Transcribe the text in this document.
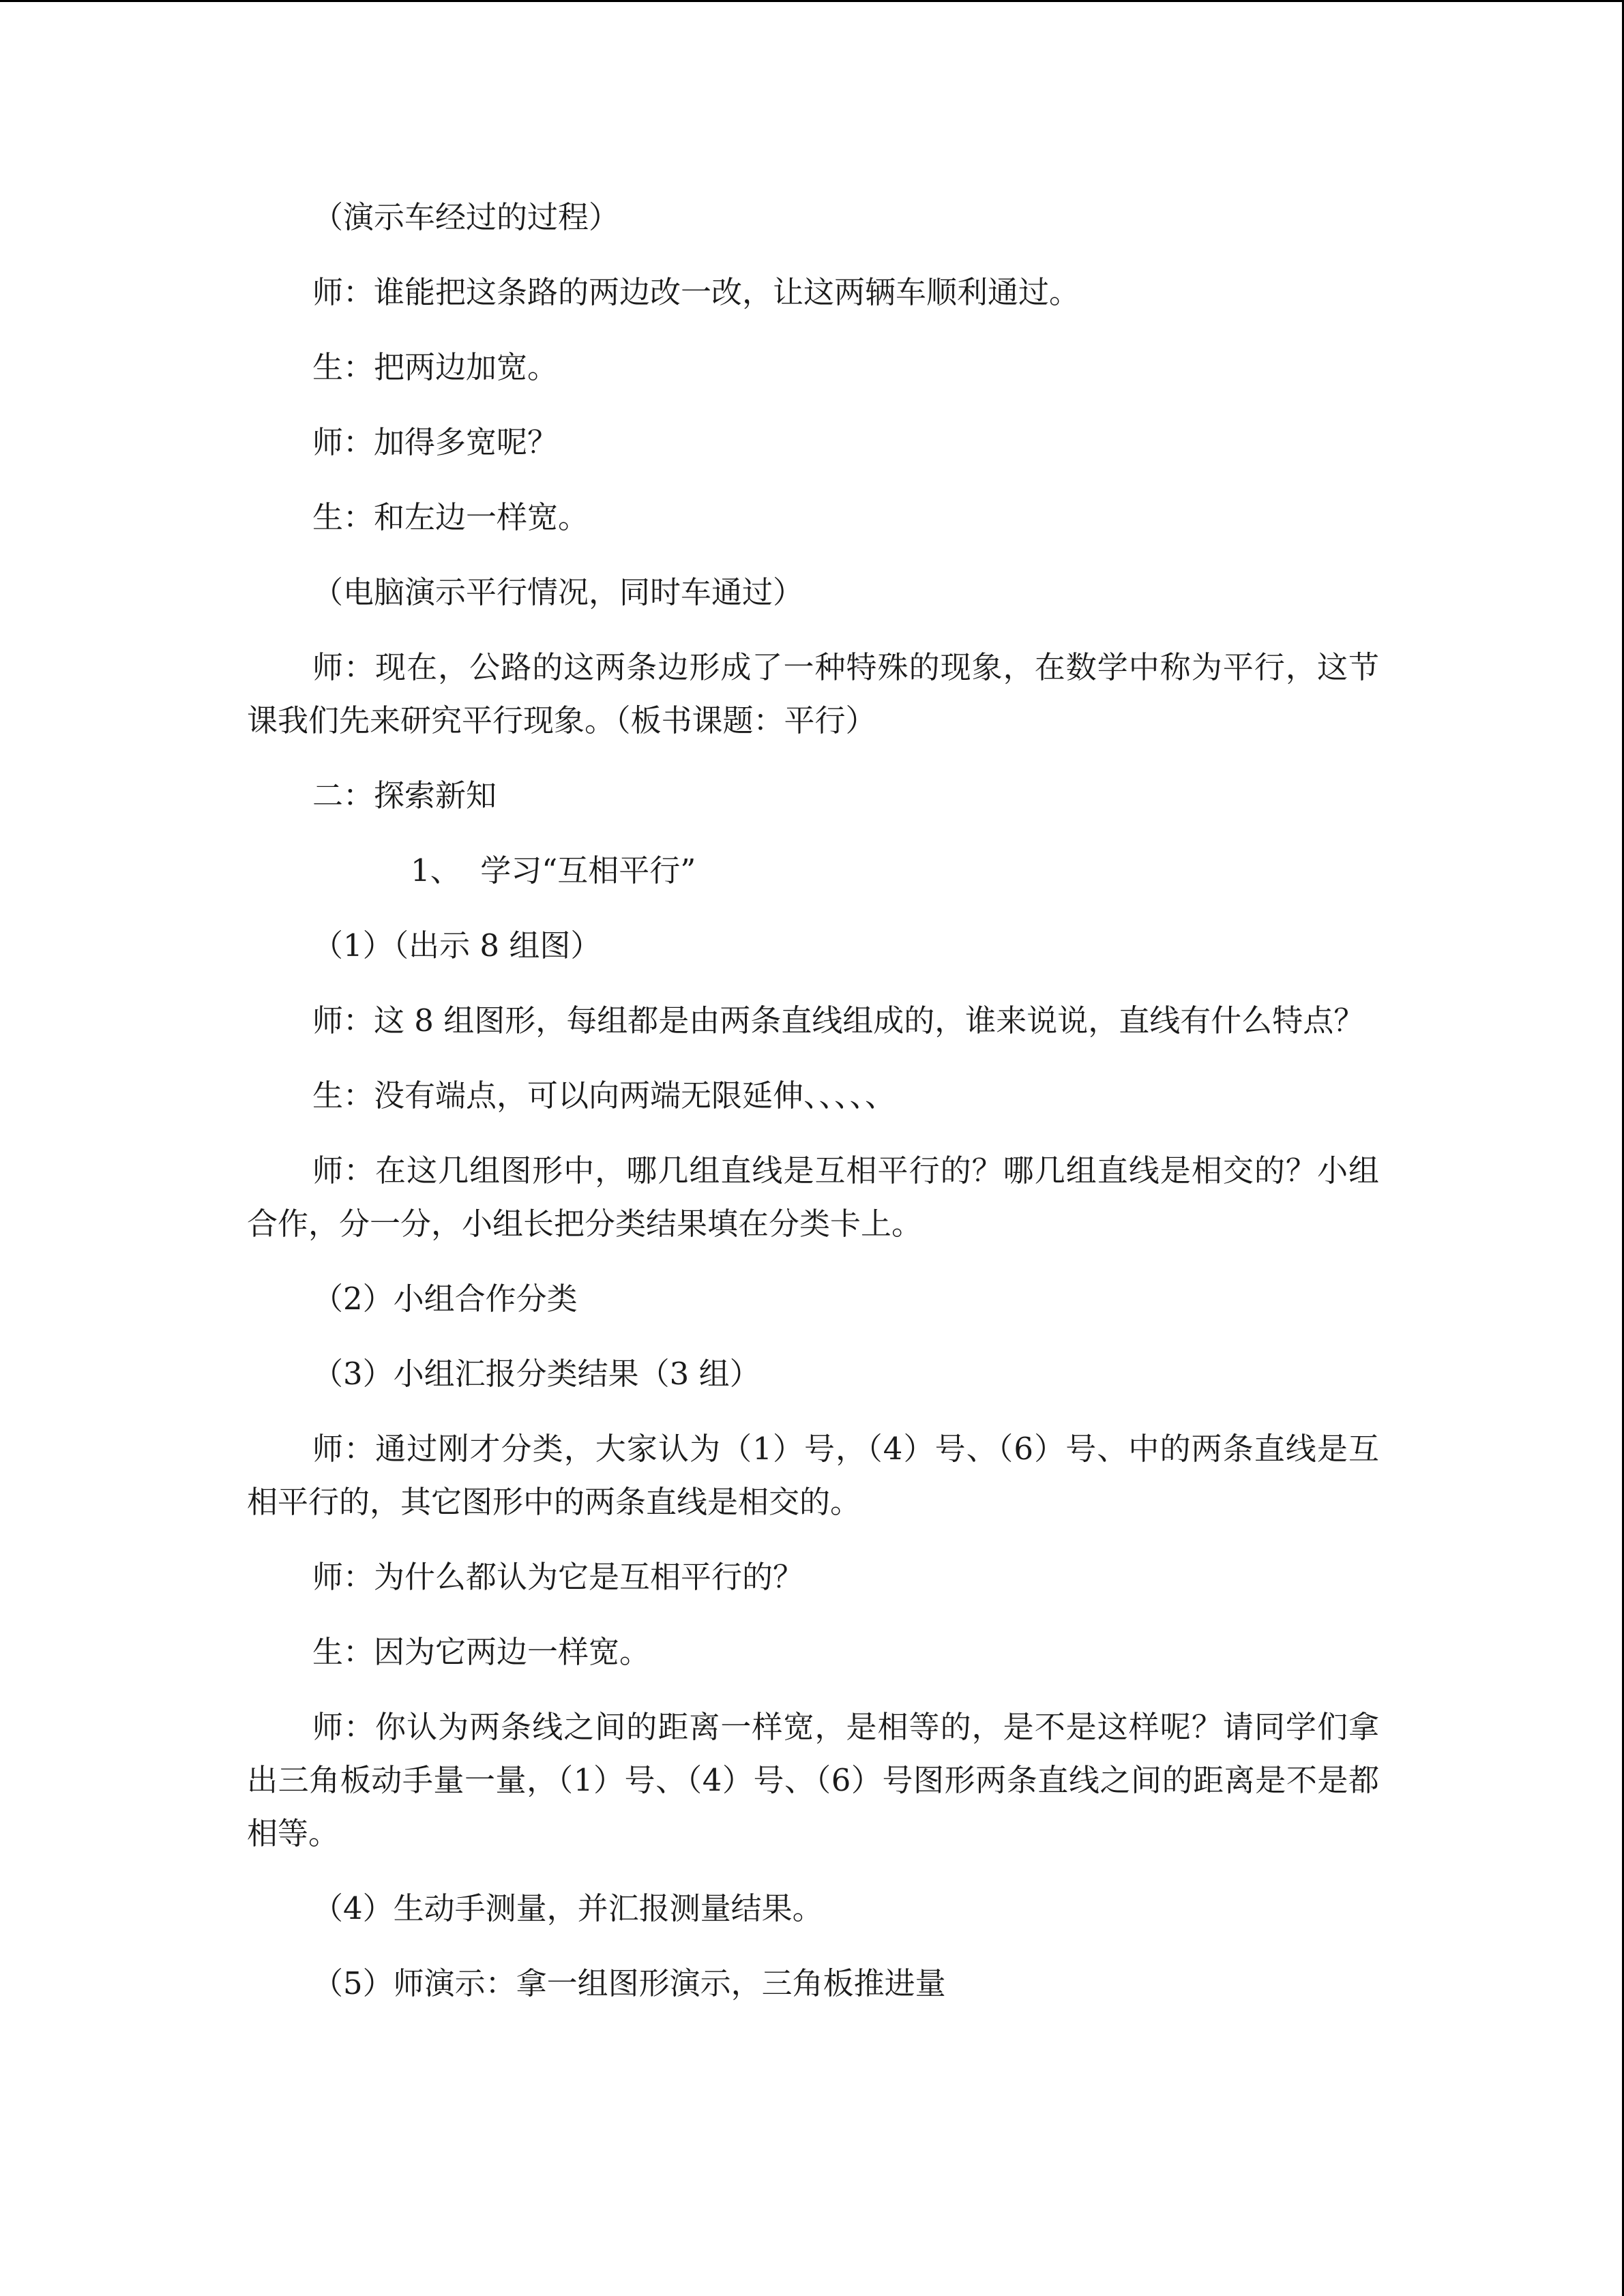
（演示车经过的过程）

师：谁能把这条路的两边改一改，让这两辆车顺利通过。

生：把两边加宽。

师：加得多宽呢？

生：和左边一样宽。

（电脑演示平行情况，同时车通过）

师：现在，公路的这两条边形成了一种特殊的现象，在数学中称为平行，这节课我们先来研究平行现象。（板书课题：平行）

二：探索新知

1、  学习“互相平行”

（1）（出示 8 组图）

师：这 8 组图形，每组都是由两条直线组成的，谁来说说，直线有什么特点？

生：没有端点，可以向两端无限延伸、、、、、

师：在这几组图形中，哪几组直线是互相平行的？哪几组直线是相交的？小组合作，分一分，小组长把分类结果填在分类卡上。

（2）小组合作分类

（3）小组汇报分类结果（3 组）

师：通过刚才分类，大家认为（1）号，（4）号、（6）号、中的两条直线是互相平行的，其它图形中的两条直线是相交的。

师：为什么都认为它是互相平行的？

生：因为它两边一样宽。

师：你认为两条线之间的距离一样宽，是相等的，是不是这样呢？请同学们拿出三角板动手量一量，（1）号、（4）号、（6）号图形两条直线之间的距离是不是都相等。

（4）生动手测量，并汇报测量结果。

（5）师演示：拿一组图形演示，三角板推进量
